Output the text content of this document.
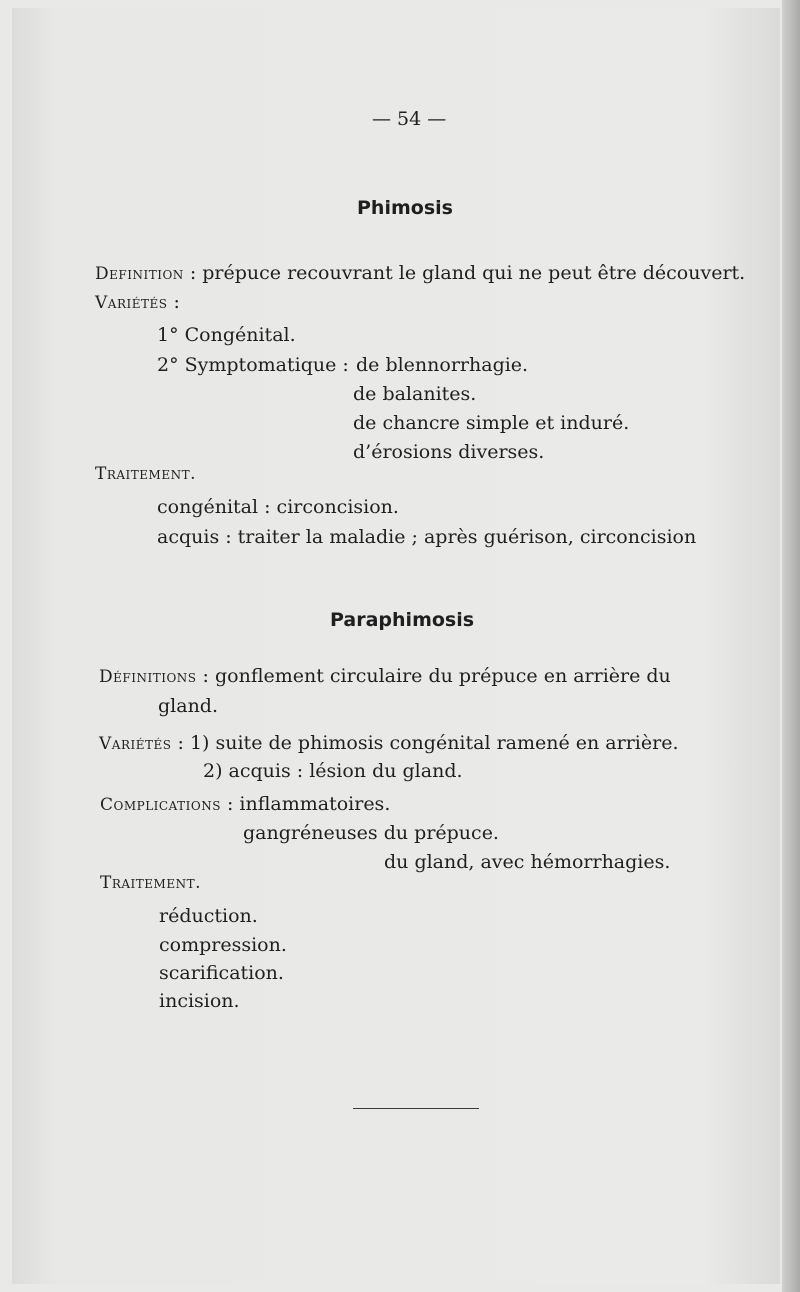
— 54 —
Phimosis
Definition : prépuce recouvrant le gland qui ne peut être découvert.
Variétés :
1° Congénital.
2° Symptomatique : de blennorrhagie.
de balanites.
de chancre simple et induré.
d’érosions diverses.
Traitement.
congénital : circoncision.
acquis : traiter la maladie ; après guérison, circoncision
Paraphimosis
Définitions : gonflement circulaire du prépuce en arrière du
gland.
Variétés : 1) suite de phimosis congénital ramené en arrière.
2) acquis : lésion du gland.
Complications : inflammatoires.
gangréneuses du prépuce.
du gland, avec hémorrhagies.
Traitement.
réduction.
compression.
scarification.
incision.
